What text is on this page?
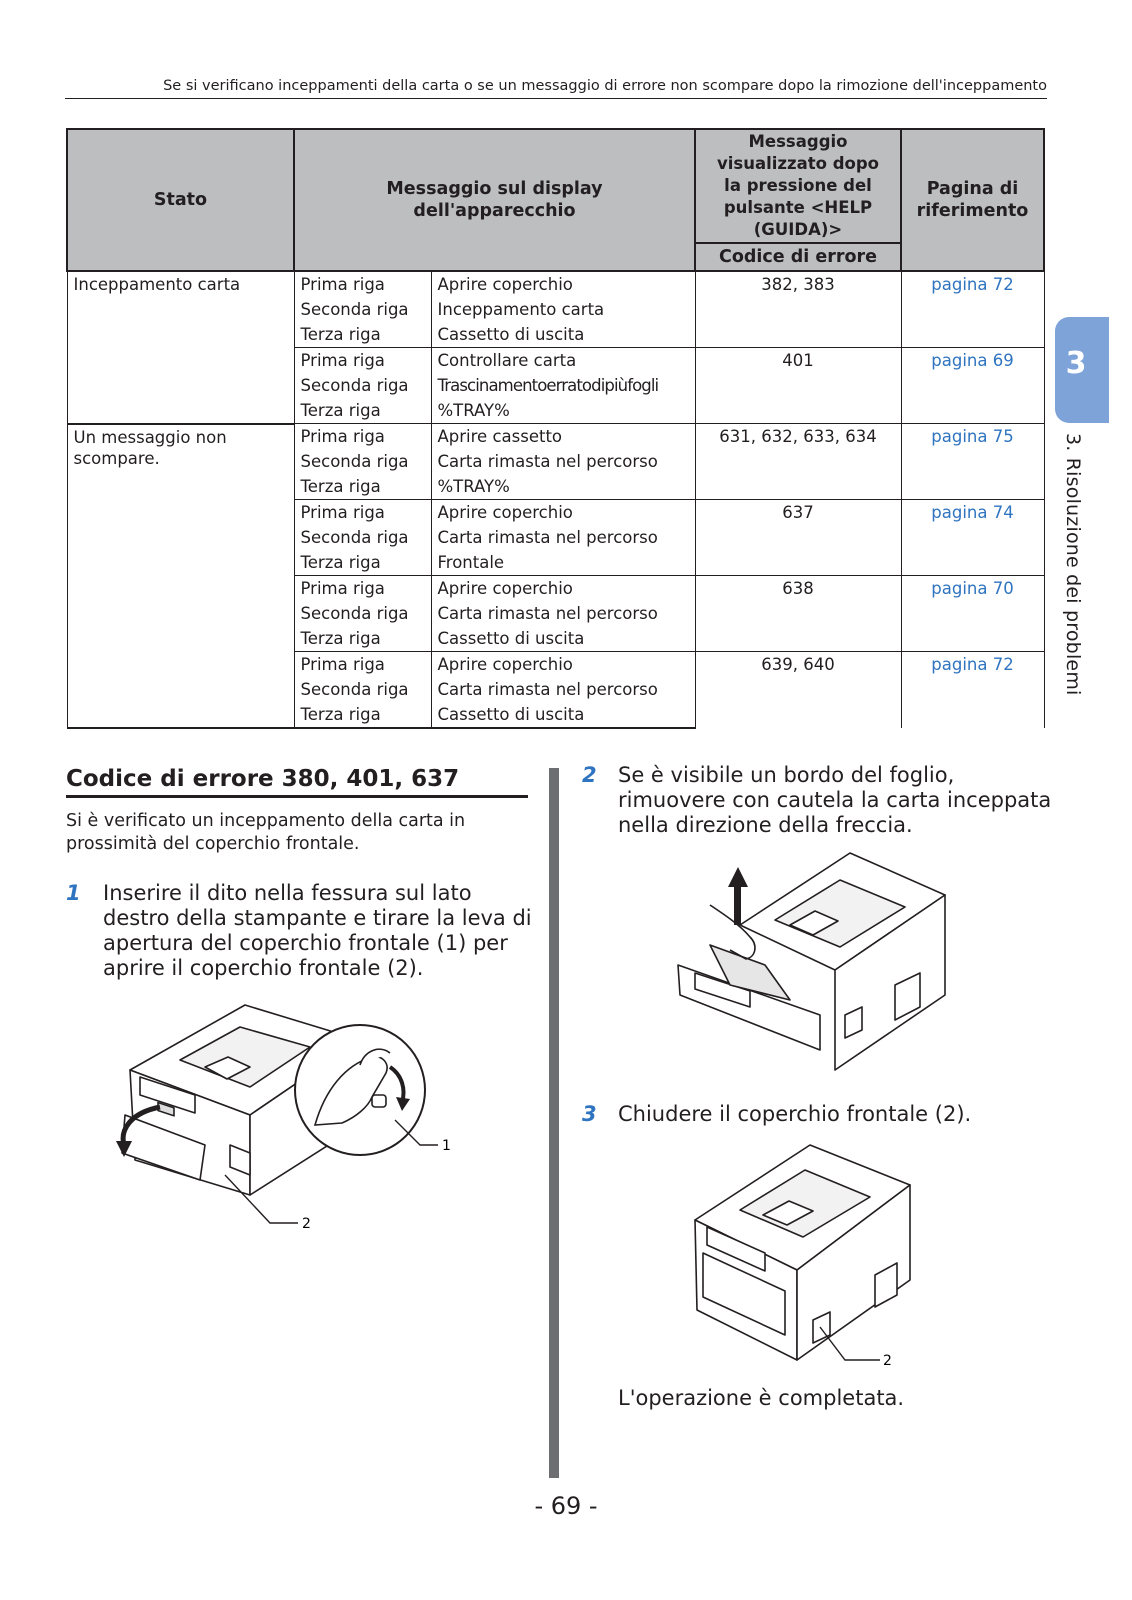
Se si verificano inceppamenti della carta o se un messaggio di errore non scompare dopo la rimozione dell'inceppamento
Stato	Messaggio sul display dell'apparecchio		Messaggio visualizzato dopo la pressione del pulsante <HELP (GUIDA)>	Pagina di riferimento

			Codice di errore	
Inceppamento carta	Prima riga	Aprire coperchio	382, 383	pagina 72
	Seconda riga	Inceppamento carta		
	Terza riga	Cassetto di uscita		
	Prima riga	Controllare carta	401	pagina 69
	Seconda riga	Trascinamentoerratodipiùfogli		
	Terza riga	%TRAY%		
Un messaggio non scompare.	Prima riga	Aprire cassetto	631, 632, 633, 634	pagina 75
	Seconda riga	Carta rimasta nel percorso		
	Terza riga	%TRAY%		
	Prima riga	Aprire coperchio	637	pagina 74
	Seconda riga	Carta rimasta nel percorso		
	Terza riga	Frontale		
	Prima riga	Aprire coperchio	638	pagina 70
	Seconda riga	Carta rimasta nel percorso		
	Terza riga	Cassetto di uscita		
	Prima riga	Aprire coperchio	639, 640	pagina 72
	Seconda riga	Carta rimasta nel percorso		
	Terza riga	Cassetto di uscita		
3
3. Risoluzione dei problemi
Codice di errore 380, 401, 637
Si è verificato un inceppamento della carta in
prossimità del coperchio frontale.
1 Inserire il dito nella fessura sul lato
destro della stampante e tirare la leva di
apertura del coperchio frontale (1) per
aprire il coperchio frontale (2).
1
2
2 Se è visibile un bordo del foglio,
rimuovere con cautela la carta inceppata
nella direzione della freccia.
3 Chiudere il coperchio frontale (2).
2
L'operazione è completata.
- 69 -
